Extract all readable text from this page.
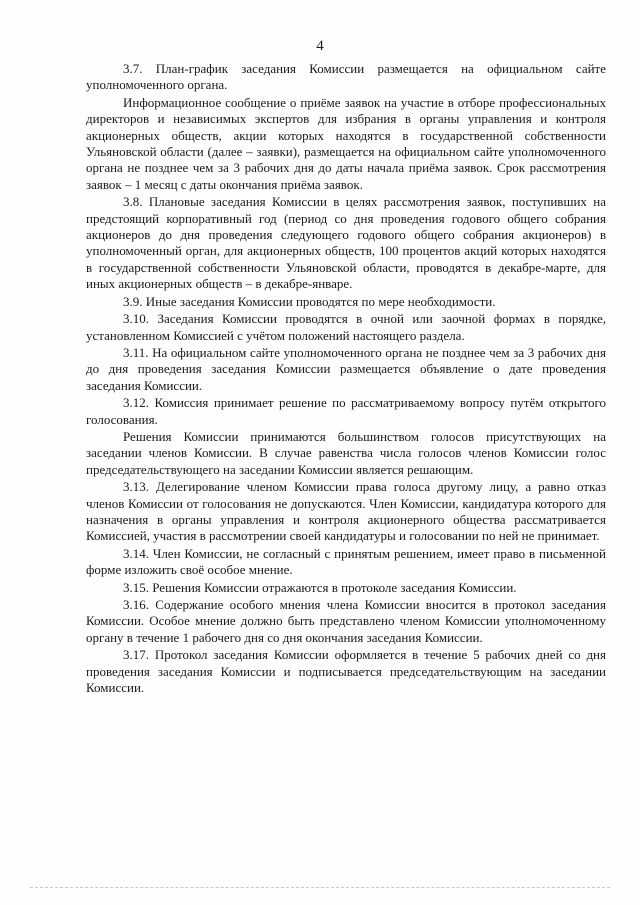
4

3.7. План-график заседания Комиссии размещается на официальном сайте уполномоченного органа.

Информационное сообщение о приёме заявок на участие в отборе профессиональных директоров и независимых экспертов для избрания в органы управления и контроля акционерных обществ, акции которых находятся в государственной собственности Ульяновской области (далее – заявки), размещается на официальном сайте уполномоченного органа не позднее чем за 3 рабочих дня до даты начала приёма заявок. Срок рассмотрения заявок – 1 месяц с даты окончания приёма заявок.

3.8. Плановые заседания Комиссии в целях рассмотрения заявок, поступивших на предстоящий корпоративный год (период со дня проведения годового общего собрания акционеров до дня проведения следующего годового общего собрания акционеров) в уполномоченный орган, для акционерных обществ, 100 процентов акций которых находятся в государственной собственности Ульяновской области, проводятся в декабре-марте, для иных акционерных обществ – в декабре-январе.

3.9. Иные заседания Комиссии проводятся по мере необходимости.

3.10. Заседания Комиссии проводятся в очной или заочной формах в порядке, установленном Комиссией с учётом положений настоящего раздела.

3.11. На официальном сайте уполномоченного органа не позднее чем за 3 рабочих дня до дня проведения заседания Комиссии размещается объявление о дате проведения заседания Комиссии.

3.12. Комиссия принимает решение по рассматриваемому вопросу путём открытого голосования.

Решения Комиссии принимаются большинством голосов присутствующих на заседании членов Комиссии. В случае равенства числа голосов членов Комиссии голос председательствующего на заседании Комиссии является решающим.

3.13. Делегирование членом Комиссии права голоса другому лицу, а равно отказ членов Комиссии от голосования не допускаются. Член Комиссии, кандидатура которого для назначения в органы управления и контроля акционерного общества рассматривается Комиссией, участия в рассмотрении своей кандидатуры и голосовании по ней не принимает.

3.14. Член Комиссии, не согласный с принятым решением, имеет право в письменной форме изложить своё особое мнение.

3.15. Решения Комиссии отражаются в протоколе заседания Комиссии.

3.16. Содержание особого мнения члена Комиссии вносится в протокол заседания Комиссии. Особое мнение должно быть представлено членом Комиссии уполномоченному органу в течение 1 рабочего дня со дня окончания заседания Комиссии.

3.17. Протокол заседания Комиссии оформляется в течение 5 рабочих дней со дня проведения заседания Комиссии и подписывается председательствующим на заседании Комиссии.
